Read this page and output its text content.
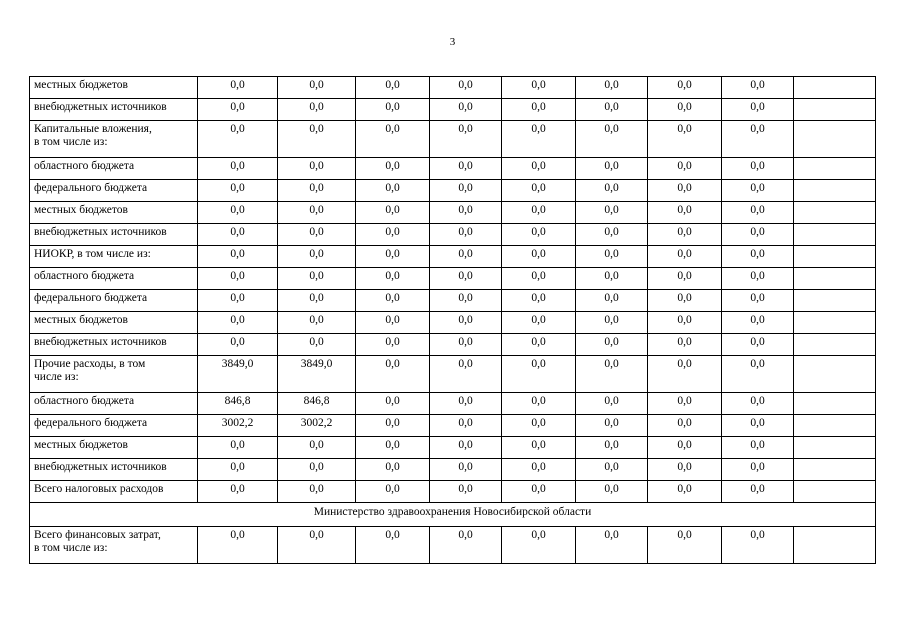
3
местных бюджетов	0,0	0,0	0,0	0,0	0,0	0,0	0,0	0,0	
внебюджетных источников	0,0	0,0	0,0	0,0	0,0	0,0	0,0	0,0	
Капитальные вложения,
в том числе из:	0,0	0,0	0,0	0,0	0,0	0,0	0,0	0,0	
областного бюджета	0,0	0,0	0,0	0,0	0,0	0,0	0,0	0,0	
федерального бюджета	0,0	0,0	0,0	0,0	0,0	0,0	0,0	0,0	
местных бюджетов	0,0	0,0	0,0	0,0	0,0	0,0	0,0	0,0	
внебюджетных источников	0,0	0,0	0,0	0,0	0,0	0,0	0,0	0,0	
НИОКР, в том числе из:	0,0	0,0	0,0	0,0	0,0	0,0	0,0	0,0	
областного бюджета	0,0	0,0	0,0	0,0	0,0	0,0	0,0	0,0	
федерального бюджета	0,0	0,0	0,0	0,0	0,0	0,0	0,0	0,0	
местных бюджетов	0,0	0,0	0,0	0,0	0,0	0,0	0,0	0,0	
внебюджетных источников	0,0	0,0	0,0	0,0	0,0	0,0	0,0	0,0	
Прочие расходы, в том
числе из:	3849,0	3849,0	0,0	0,0	0,0	0,0	0,0	0,0	
областного бюджета	846,8	846,8	0,0	0,0	0,0	0,0	0,0	0,0	
федерального бюджета	3002,2	3002,2	0,0	0,0	0,0	0,0	0,0	0,0	
местных бюджетов	0,0	0,0	0,0	0,0	0,0	0,0	0,0	0,0	
внебюджетных источников	0,0	0,0	0,0	0,0	0,0	0,0	0,0	0,0	
Всего налоговых расходов	0,0	0,0	0,0	0,0	0,0	0,0	0,0	0,0	
Министерство здравоохранения Новосибирской области									
Всего финансовых затрат,
в том числе из:	0,0	0,0	0,0	0,0	0,0	0,0	0,0	0,0	
